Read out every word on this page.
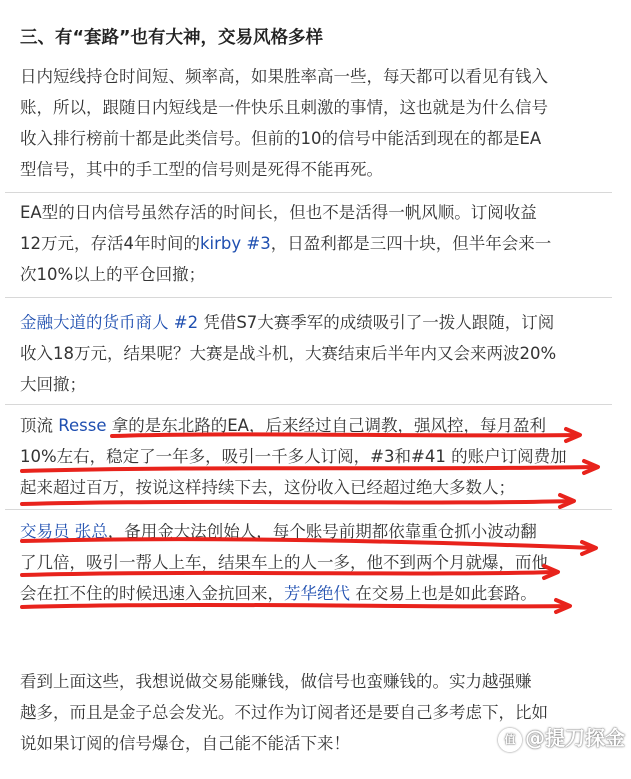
三、有“套路”也有大神，交易风格多样

日内短线持仓时间短、频率高，如果胜率高一些，每天都可以看见有钱入
账，所以，跟随日内短线是一件快乐且刺激的事情，这也就是为什么信号
收入排行榜前十都是此类信号。但前的10的信号中能活到现在的都是EA
型信号，其中的手工型的信号则是死得不能再死。

EA型的日内信号虽然存活的时间长，但也不是活得一帆风顺。订阅收益
12万元，存活4年时间的kirby #3，日盈利都是三四十块，但半年会来一
次10%以上的平仓回撤；

金融大道的货币商人 #2 凭借S7大赛季军的成绩吸引了一拨人跟随，订阅
收入18万元，结果呢？大赛是战斗机，大赛结束后半年内又会来两波20%
大回撤；

顶流 Resse 拿的是东北路的EA，后来经过自己调教，强风控，每月盈利
10%左右，稳定了一年多，吸引一千多人订阅，#3和#41 的账户订阅费加
起来超过百万，按说这样持续下去，这份收入已经超过绝大多数人；

交易员 张总，备用金大法创始人，每个账号前期都依靠重仓抓小波动翻
了几倍，吸引一帮人上车，结果车上的人一多，他不到两个月就爆，而他
会在扛不住的时候迅速入金抗回来，芳华绝代 在交易上也是如此套路。

看到上面这些，我想说做交易能赚钱，做信号也蛮赚钱的。实力越强赚
越多，而且是金子总会发光。不过作为订阅者还是要自己多考虑下，比如
说如果订阅的信号爆仓，自己能不能活下来！	值 @提刀探金
